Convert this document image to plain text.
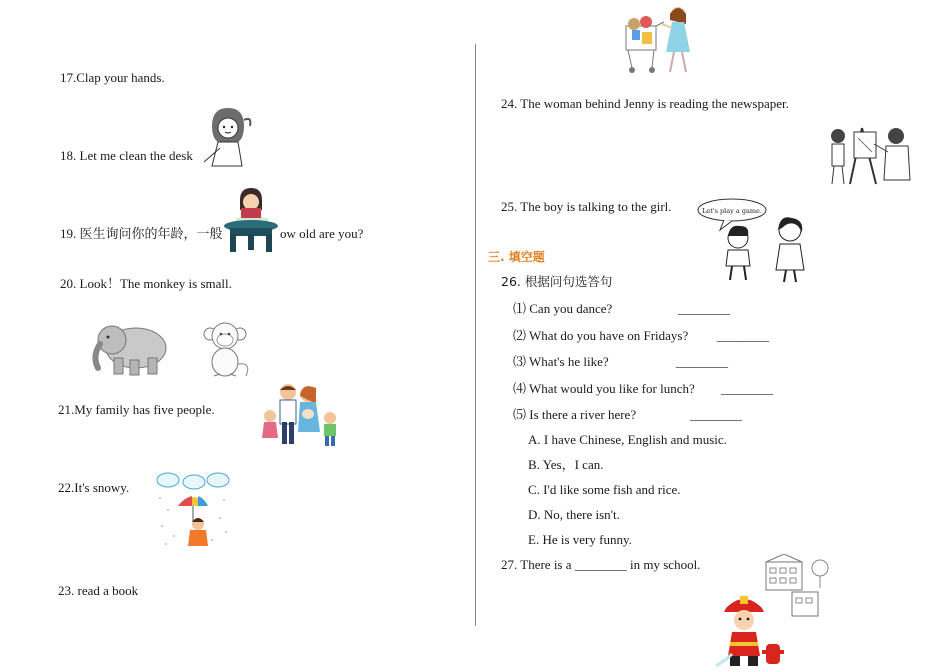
17.Clap your hands.
18. Let me clean the desk
19. 医生询问你的年龄，一般	ow old are you?
20. Look！The monkey is small.
21.My family has five people.
22.It's snowy.
23. read a book
24. The woman behind Jenny is reading the newspaper.
25. The boy is talking to the girl.	Let's play a game.
三. 填空题
26. 根据问句选答句
⑴ Can you dance?	________
⑵ What do you have on Fridays? ________
⑶ What's he like?	________
⑷ What would you like for lunch? ________
⑸ Is there a river here?	________
A. I have Chinese, English and music.
B. Yes，I can.
C. I'd like some fish and rice.
D. No, there isn't.
E. He is very funny.
27. There is a ________ in my school.
